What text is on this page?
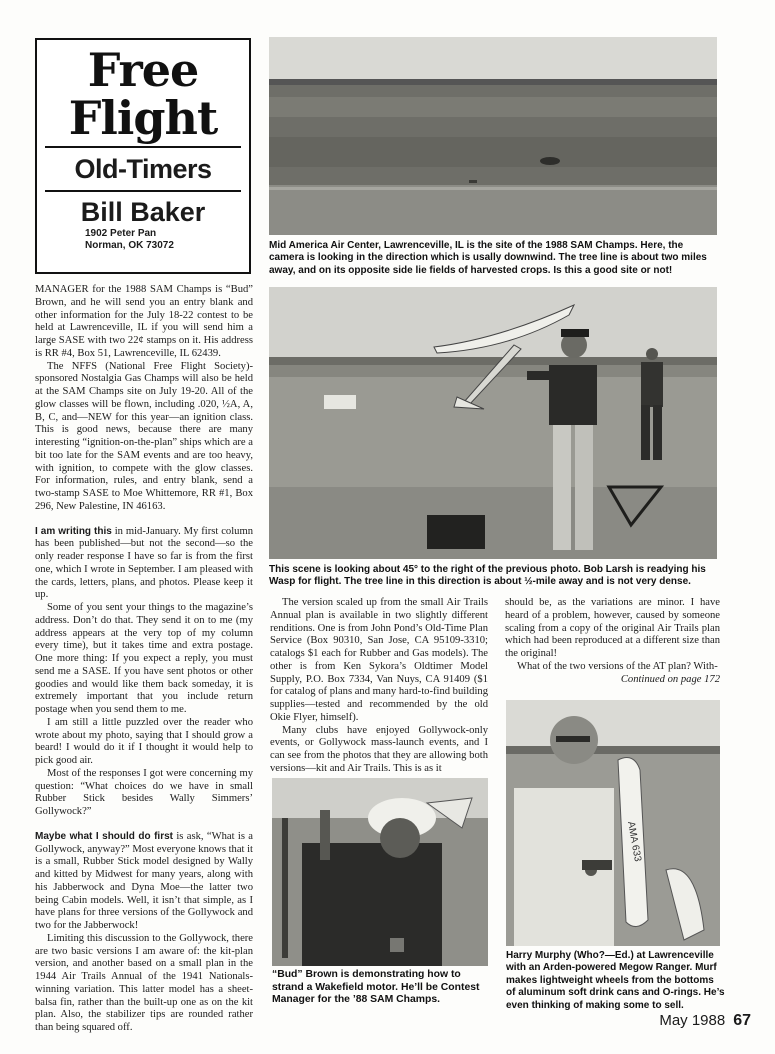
Free
Flight
Old-Timers
Bill Baker
1902 Peter Pan
Norman, OK 73072

MANAGER for the 1988 SAM Champs is “Bud” Brown, and he will send you an entry blank and other information for the July 18-22 contest to be held at Lawrenceville, IL if you will send him a large SASE with two 22¢ stamps on it. His address is RR #4, Box 51, Lawrenceville, IL 62439.

The NFFS (National Free Flight Society)-sponsored Nostalgia Gas Champs will also be held at the SAM Champs site on July 19-20. All of the glow classes will be flown, including .020, ½A, A, B, C, and—NEW for this year—an ignition class. This is good news, because there are many interesting “ignition-on-the-plan” ships which are a bit too late for the SAM events and are too heavy, with ignition, to compete with the glow classes. For information, rules, and entry blank, send a two-stamp SASE to Moe Whittemore, RR #1, Box 296, New Palestine, IN 46163.

I am writing this in mid-January. My first column has been published—but not the second—so the only reader response I have so far is from the first one, which I wrote in September. I am pleased with the cards, letters, plans, and photos. Please keep it up.

Some of you sent your things to the magazine’s address. Don’t do that. They send it on to me (my address appears at the very top of my column every time), but it takes time and extra postage. One more thing: If you expect a reply, you must send me a SASE. If you have sent photos or other goodies and would like them back someday, it is extremely important that you include return postage when you send them to me.

I am still a little puzzled over the reader who wrote about my photo, saying that I should grow a beard! I would do it if I thought it would help to pick good air.

Most of the responses I got were concerning my question: “What choices do we have in small Rubber Stick besides Wally Simmers’ Gollywock?”

Maybe what I should do first is ask, “What is a Gollywock, anyway?” Most everyone knows that it is a small, Rubber Stick model designed by Wally and kitted by Midwest for many years, along with his Jabberwock and Dyna Moe—the latter two being Cabin models. Well, it isn’t that simple, as I have plans for three versions of the Gollywock and two for the Jabberwock!

Limiting this discussion to the Gollywock, there are two basic versions I am aware of: the kit-plan version, and another based on a small plan in the 1944 Air Trails Annual of the 1941 Nationals-winning variation. This latter model has a sheet-balsa fin, rather than the built-up one as on the kit plan. Also, the stabilizer tips are rounded rather than being squared off.

Mid America Air Center, Lawrenceville, IL is the site of the 1988 SAM Champs. Here, the camera is looking in the direction which is usally downwind. The tree line is about two miles away, and on its opposite side lie fields of harvested crops. Is this a good site or not!
This scene is looking about 45° to the right of the previous photo. Bob Larsh is readying his Wasp for flight. The tree line in this direction is about ½-mile away and is not very dense.

The version scaled up from the small Air Trails Annual plan is available in two slightly different renditions. One is from John Pond’s Old-Time Plan Service (Box 90310, San Jose, CA 95109-3310; catalogs $1 each for Rubber and Gas models). The other is from Ken Sykora’s Oldtimer Model Supply, P.O. Box 7334, Van Nuys, CA 91409 ($1 for catalog of plans and many hard-to-find building supplies—tested and recommended by the old Okie Flyer, himself).

Many clubs have enjoyed Gollywock-only events, or Gollywock mass-launch events, and I can see from the photos that they are allowing both versions—kit and Air Trails. This is as it

should be, as the variations are minor. I have heard of a problem, however, caused by someone scaling from a copy of the original Air Trails plan which had been reproduced at a different size than the original!

What of the two versions of the AT plan? With-

Continued on page 172
“Bud” Brown is demonstrating how to strand a Wakefield motor. He’ll be Contest Manager for the ’88 SAM Champs.
AMA 633
Harry Murphy (Who?—Ed.) at Lawrenceville with an Arden-powered Megow Ranger. Murf makes lightweight wheels from the bottoms of aluminum soft drink cans and O-rings. He’s even thinking of making some to sell.
May 1988 67
